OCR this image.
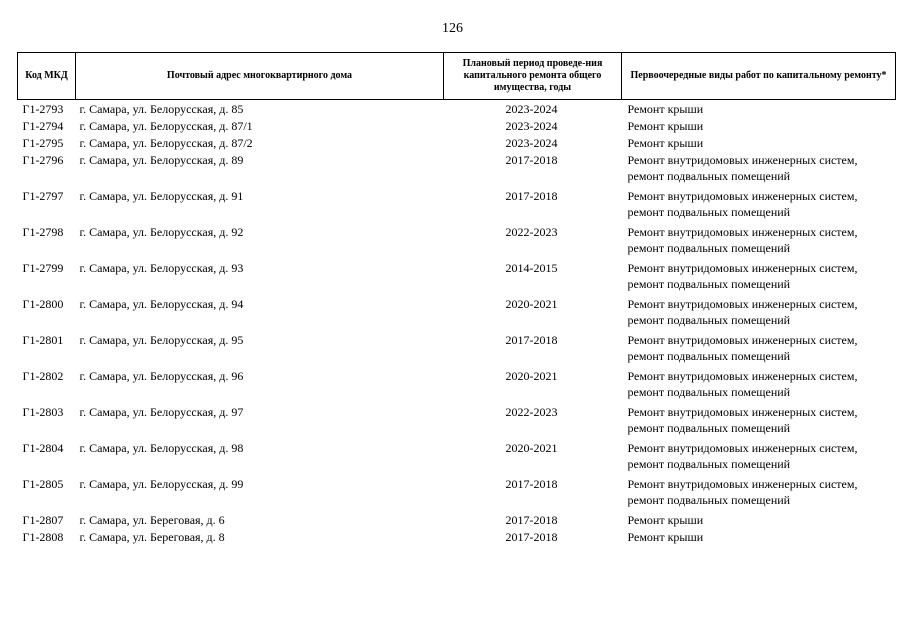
126
Код МКД	Почтовый адрес многоквартирного дома	Плановый период проведе-ния капитального ремонта общего имущества, годы	Первоочередные виды работ по капитальному ремонту*
Г1-2793	г. Самара, ул. Белорусская, д. 85	2023-2024	Ремонт крыши
Г1-2794	г. Самара, ул. Белорусская, д. 87/1	2023-2024	Ремонт крыши
Г1-2795	г. Самара, ул. Белорусская, д. 87/2	2023-2024	Ремонт крыши
Г1-2796	г. Самара, ул. Белорусская, д. 89	2017-2018	Ремонт внутридомовых инженерных систем, ремонт подвальных помещений
Г1-2797	г. Самара, ул. Белорусская, д. 91	2017-2018	Ремонт внутридомовых инженерных систем, ремонт подвальных помещений
Г1-2798	г. Самара, ул. Белорусская, д. 92	2022-2023	Ремонт внутридомовых инженерных систем, ремонт подвальных помещений
Г1-2799	г. Самара, ул. Белорусская, д. 93	2014-2015	Ремонт внутридомовых инженерных систем, ремонт подвальных помещений
Г1-2800	г. Самара, ул. Белорусская, д. 94	2020-2021	Ремонт внутридомовых инженерных систем, ремонт подвальных помещений
Г1-2801	г. Самара, ул. Белорусская, д. 95	2017-2018	Ремонт внутридомовых инженерных систем, ремонт подвальных помещений
Г1-2802	г. Самара, ул. Белорусская, д. 96	2020-2021	Ремонт внутридомовых инженерных систем, ремонт подвальных помещений
Г1-2803	г. Самара, ул. Белорусская, д. 97	2022-2023	Ремонт внутридомовых инженерных систем, ремонт подвальных помещений
Г1-2804	г. Самара, ул. Белорусская, д. 98	2020-2021	Ремонт внутридомовых инженерных систем, ремонт подвальных помещений
Г1-2805	г. Самара, ул. Белорусская, д. 99	2017-2018	Ремонт внутридомовых инженерных систем, ремонт подвальных помещений
Г1-2807	г. Самара, ул. Береговая, д. 6	2017-2018	Ремонт крыши
Г1-2808	г. Самара, ул. Береговая, д. 8	2017-2018	Ремонт крыши
